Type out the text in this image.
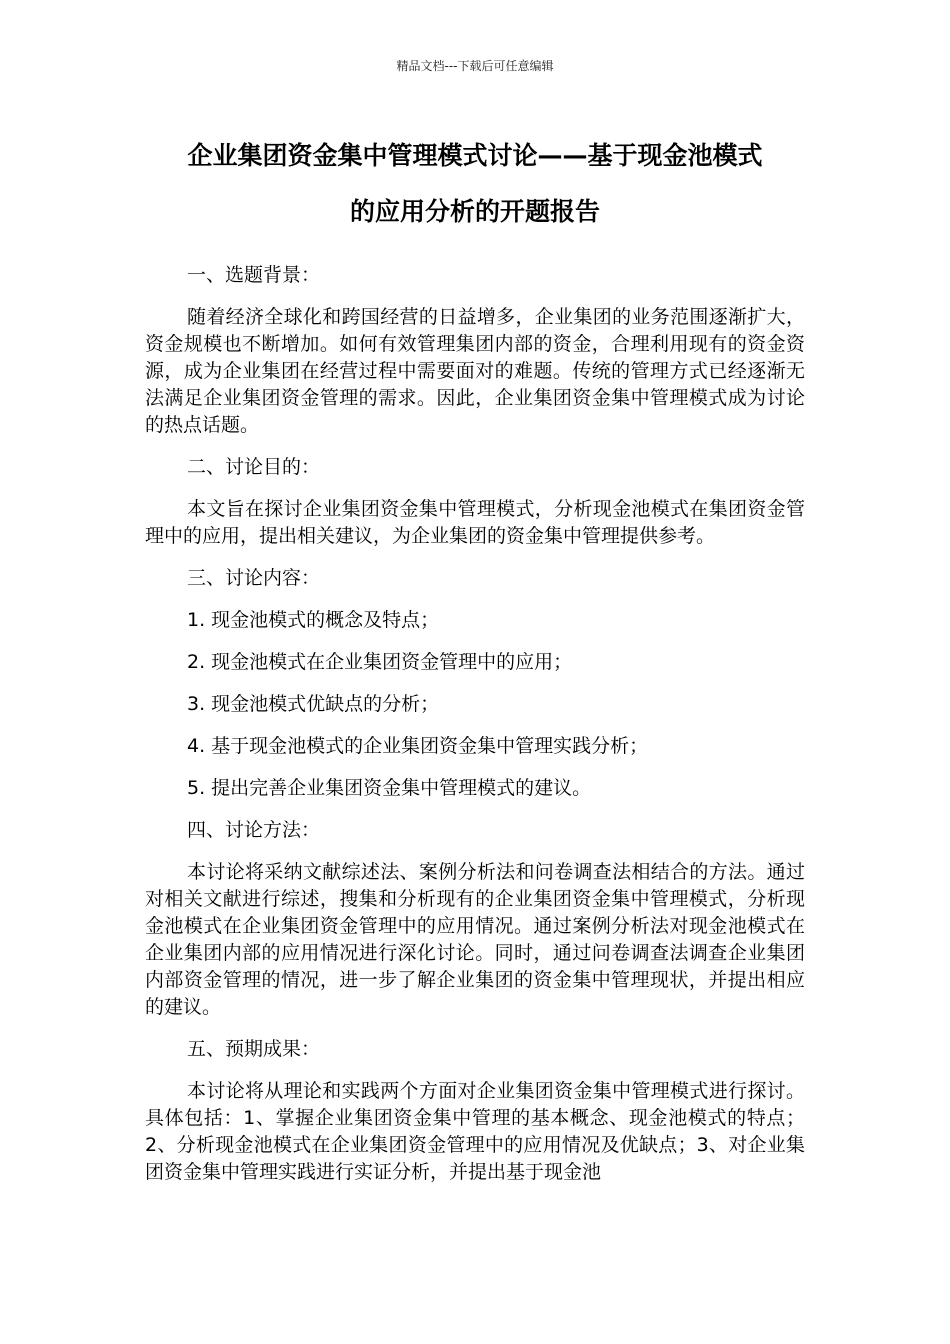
精品文档---下载后可任意编辑
企业集团资金集中管理模式讨论——基于现金池模式
的应用分析的开题报告

一、选题背景：

随着经济全球化和跨国经营的日益增多，企业集团的业务范围逐渐扩大，资金规模也不断增加。如何有效管理集团内部的资金，合理利用现有的资金资源，成为企业集团在经营过程中需要面对的难题。传统的管理方式已经逐渐无法满足企业集团资金管理的需求。因此，企业集团资金集中管理模式成为讨论的热点话题。

二、讨论目的：

本文旨在探讨企业集团资金集中管理模式，分析现金池模式在集团资金管理中的应用，提出相关建议，为企业集团的资金集中管理提供参考。

三、讨论内容：

1. 现金池模式的概念及特点；

2. 现金池模式在企业集团资金管理中的应用；

3. 现金池模式优缺点的分析；

4. 基于现金池模式的企业集团资金集中管理实践分析；

5. 提出完善企业集团资金集中管理模式的建议。

四、讨论方法：

本讨论将采纳文献综述法、案例分析法和问卷调查法相结合的方法。通过对相关文献进行综述，搜集和分析现有的企业集团资金集中管理模式，分析现金池模式在企业集团资金管理中的应用情况。通过案例分析法对现金池模式在企业集团内部的应用情况进行深化讨论。同时，通过问卷调查法调查企业集团内部资金管理的情况，进一步了解企业集团的资金集中管理现状，并提出相应的建议。

五、预期成果：

本讨论将从理论和实践两个方面对企业集团资金集中管理模式进行探讨。具体包括：1、掌握企业集团资金集中管理的基本概念、现金池模式的特点；2、分析现金池模式在企业集团资金管理中的应用情况及优缺点；3、对企业集团资金集中管理实践进行实证分析，并提出基于现金池
